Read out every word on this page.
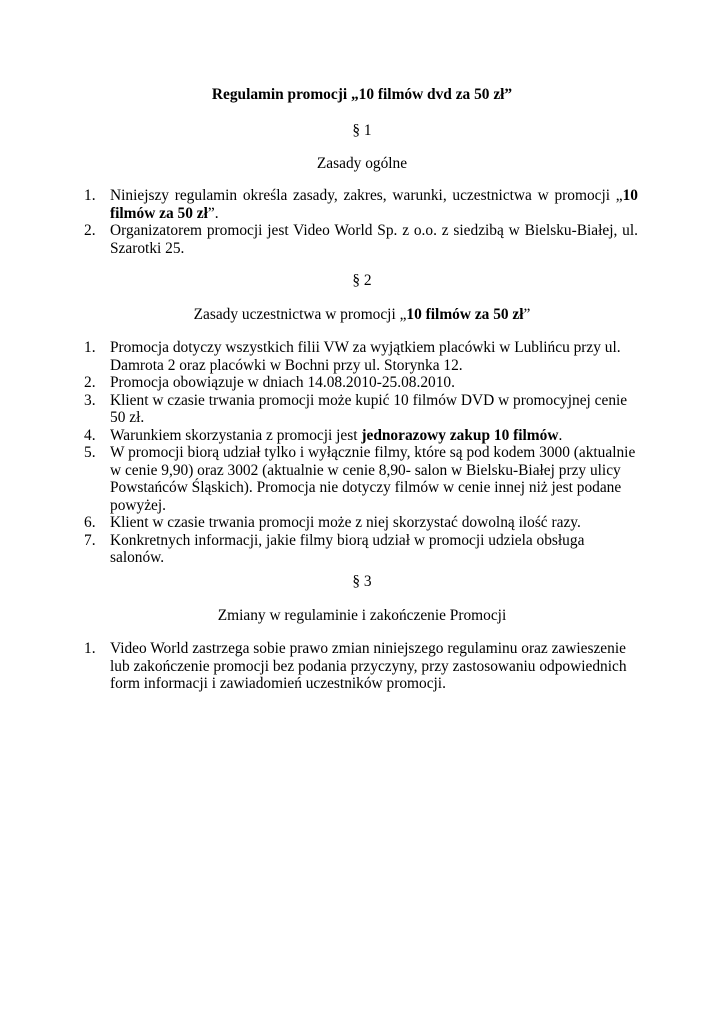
Regulamin promocji „10 filmów dvd za 50 zł”

§ 1

Zasady ogólne

1. Niniejszy regulamin określa zasady, zakres, warunki, uczestnictwa w promocji „10 filmów za 50 zł”.
2. Organizatorem promocji jest Video World Sp. z o.o. z siedzibą w Bielsku-Białej, ul. Szarotki 25.

§ 2

Zasady uczestnictwa w promocji „10 filmów za 50 zł”

1. Promocja dotyczy wszystkich filii VW za wyjątkiem placówki w Lublińcu przy ul. Damrota 2 oraz placówki w Bochni przy ul. Storynka 12.
2. Promocja obowiązuje w dniach 14.08.2010-25.08.2010.
3. Klient w czasie trwania promocji może kupić 10 filmów DVD w promocyjnej cenie 50 zł.
4. Warunkiem skorzystania z promocji jest jednorazowy zakup 10 filmów.
5. W promocji biorą udział tylko i wyłącznie filmy, które są pod kodem 3000 (aktualnie w cenie 9,90) oraz 3002 (aktualnie w cenie 8,90- salon w Bielsku-Białej przy ulicy Powstańców Śląskich). Promocja nie dotyczy filmów w cenie innej niż jest podane powyżej.
6. Klient w czasie trwania promocji może z niej skorzystać dowolną ilość razy.
7. Konkretnych informacji, jakie filmy biorą udział w promocji udziela obsługa salonów.

§ 3

Zmiany w regulaminie i zakończenie Promocji

1. Video World zastrzega sobie prawo zmian niniejszego regulaminu oraz zawieszenie lub zakończenie promocji bez podania przyczyny, przy zastosowaniu odpowiednich form informacji i zawiadomień uczestników promocji.
